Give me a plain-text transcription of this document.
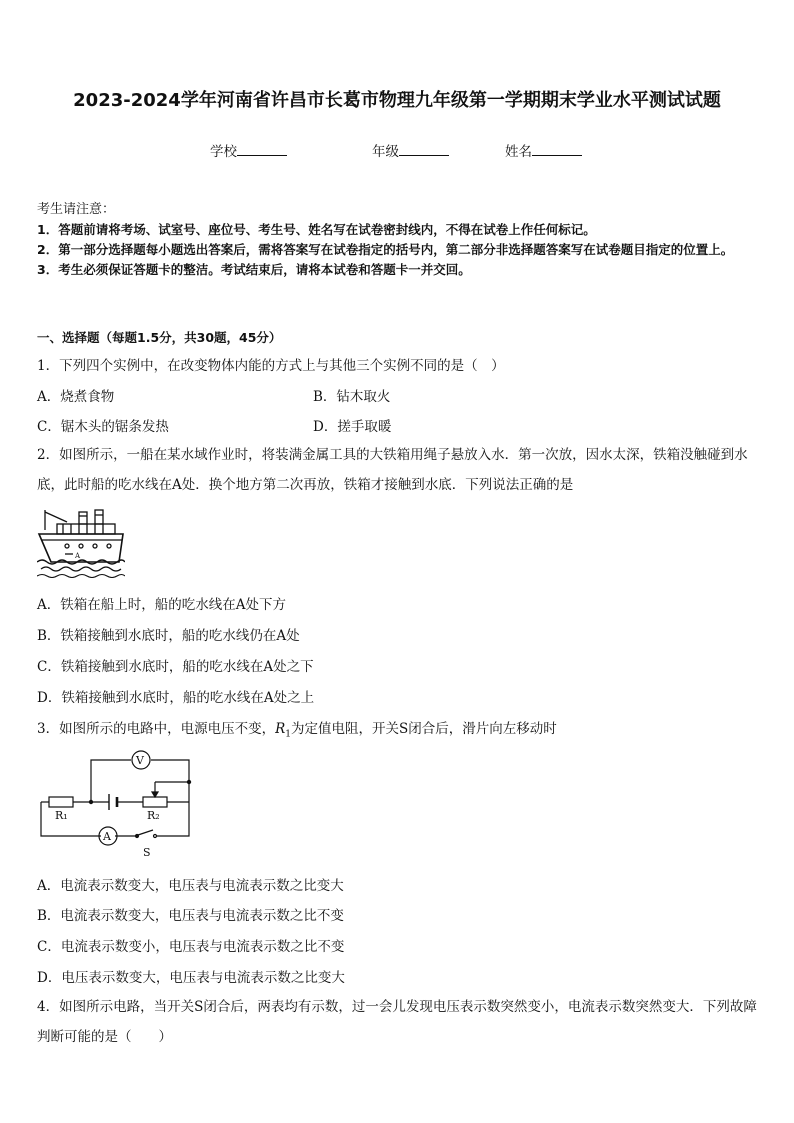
2023-2024学年河南省许昌市长葛市物理九年级第一学期期末学业水平测试试题
学校	年级	姓名
考生请注意：
1．答题前请将考场、试室号、座位号、考生号、姓名写在试卷密封线内，不得在试卷上作任何标记。
2．第一部分选择题每小题选出答案后，需将答案写在试卷指定的括号内，第二部分非选择题答案写在试卷题目指定的位置上。
3．考生必须保证答题卡的整洁。考试结束后，请将本试卷和答题卡一并交回。
一、选择题（每题1.5分，共30题，45分）
1．下列四个实例中，在改变物体内能的方式上与其他三个实例不同的是（　）
A．烧煮食物	B．钻木取火
C．锯木头的锯条发热	D．搓手取暖
2．如图所示，一船在某水域作业时，将装满金属工具的大铁箱用绳子悬放入水．第一次放，因水太深，铁箱没触碰到水底，此时船的吃水线在A处．换个地方第二次再放，铁箱才接触到水底．下列说法正确的是
A
A．铁箱在船上时，船的吃水线在A处下方
B．铁箱接触到水底时，船的吃水线仍在A处
C．铁箱接触到水底时，船的吃水线在A处之下
D．铁箱接触到水底时，船的吃水线在A处之上
3．如图所示的电路中，电源电压不变，$R_1$为定值电阻，开关S闭合后，滑片向左移动时
V
A
R₁	R₂
S
A．电流表示数变大，电压表与电流表示数之比变大
B．电流表示数变大，电压表与电流表示数之比不变
C．电流表示数变小，电压表与电流表示数之比不变
D．电压表示数变大，电压表与电流表示数之比变大
4．如图所示电路，当开关S闭合后，两表均有示数，过一会儿发现电压表示数突然变小，电流表示数突然变大．下列故障判断可能的是（　　）
